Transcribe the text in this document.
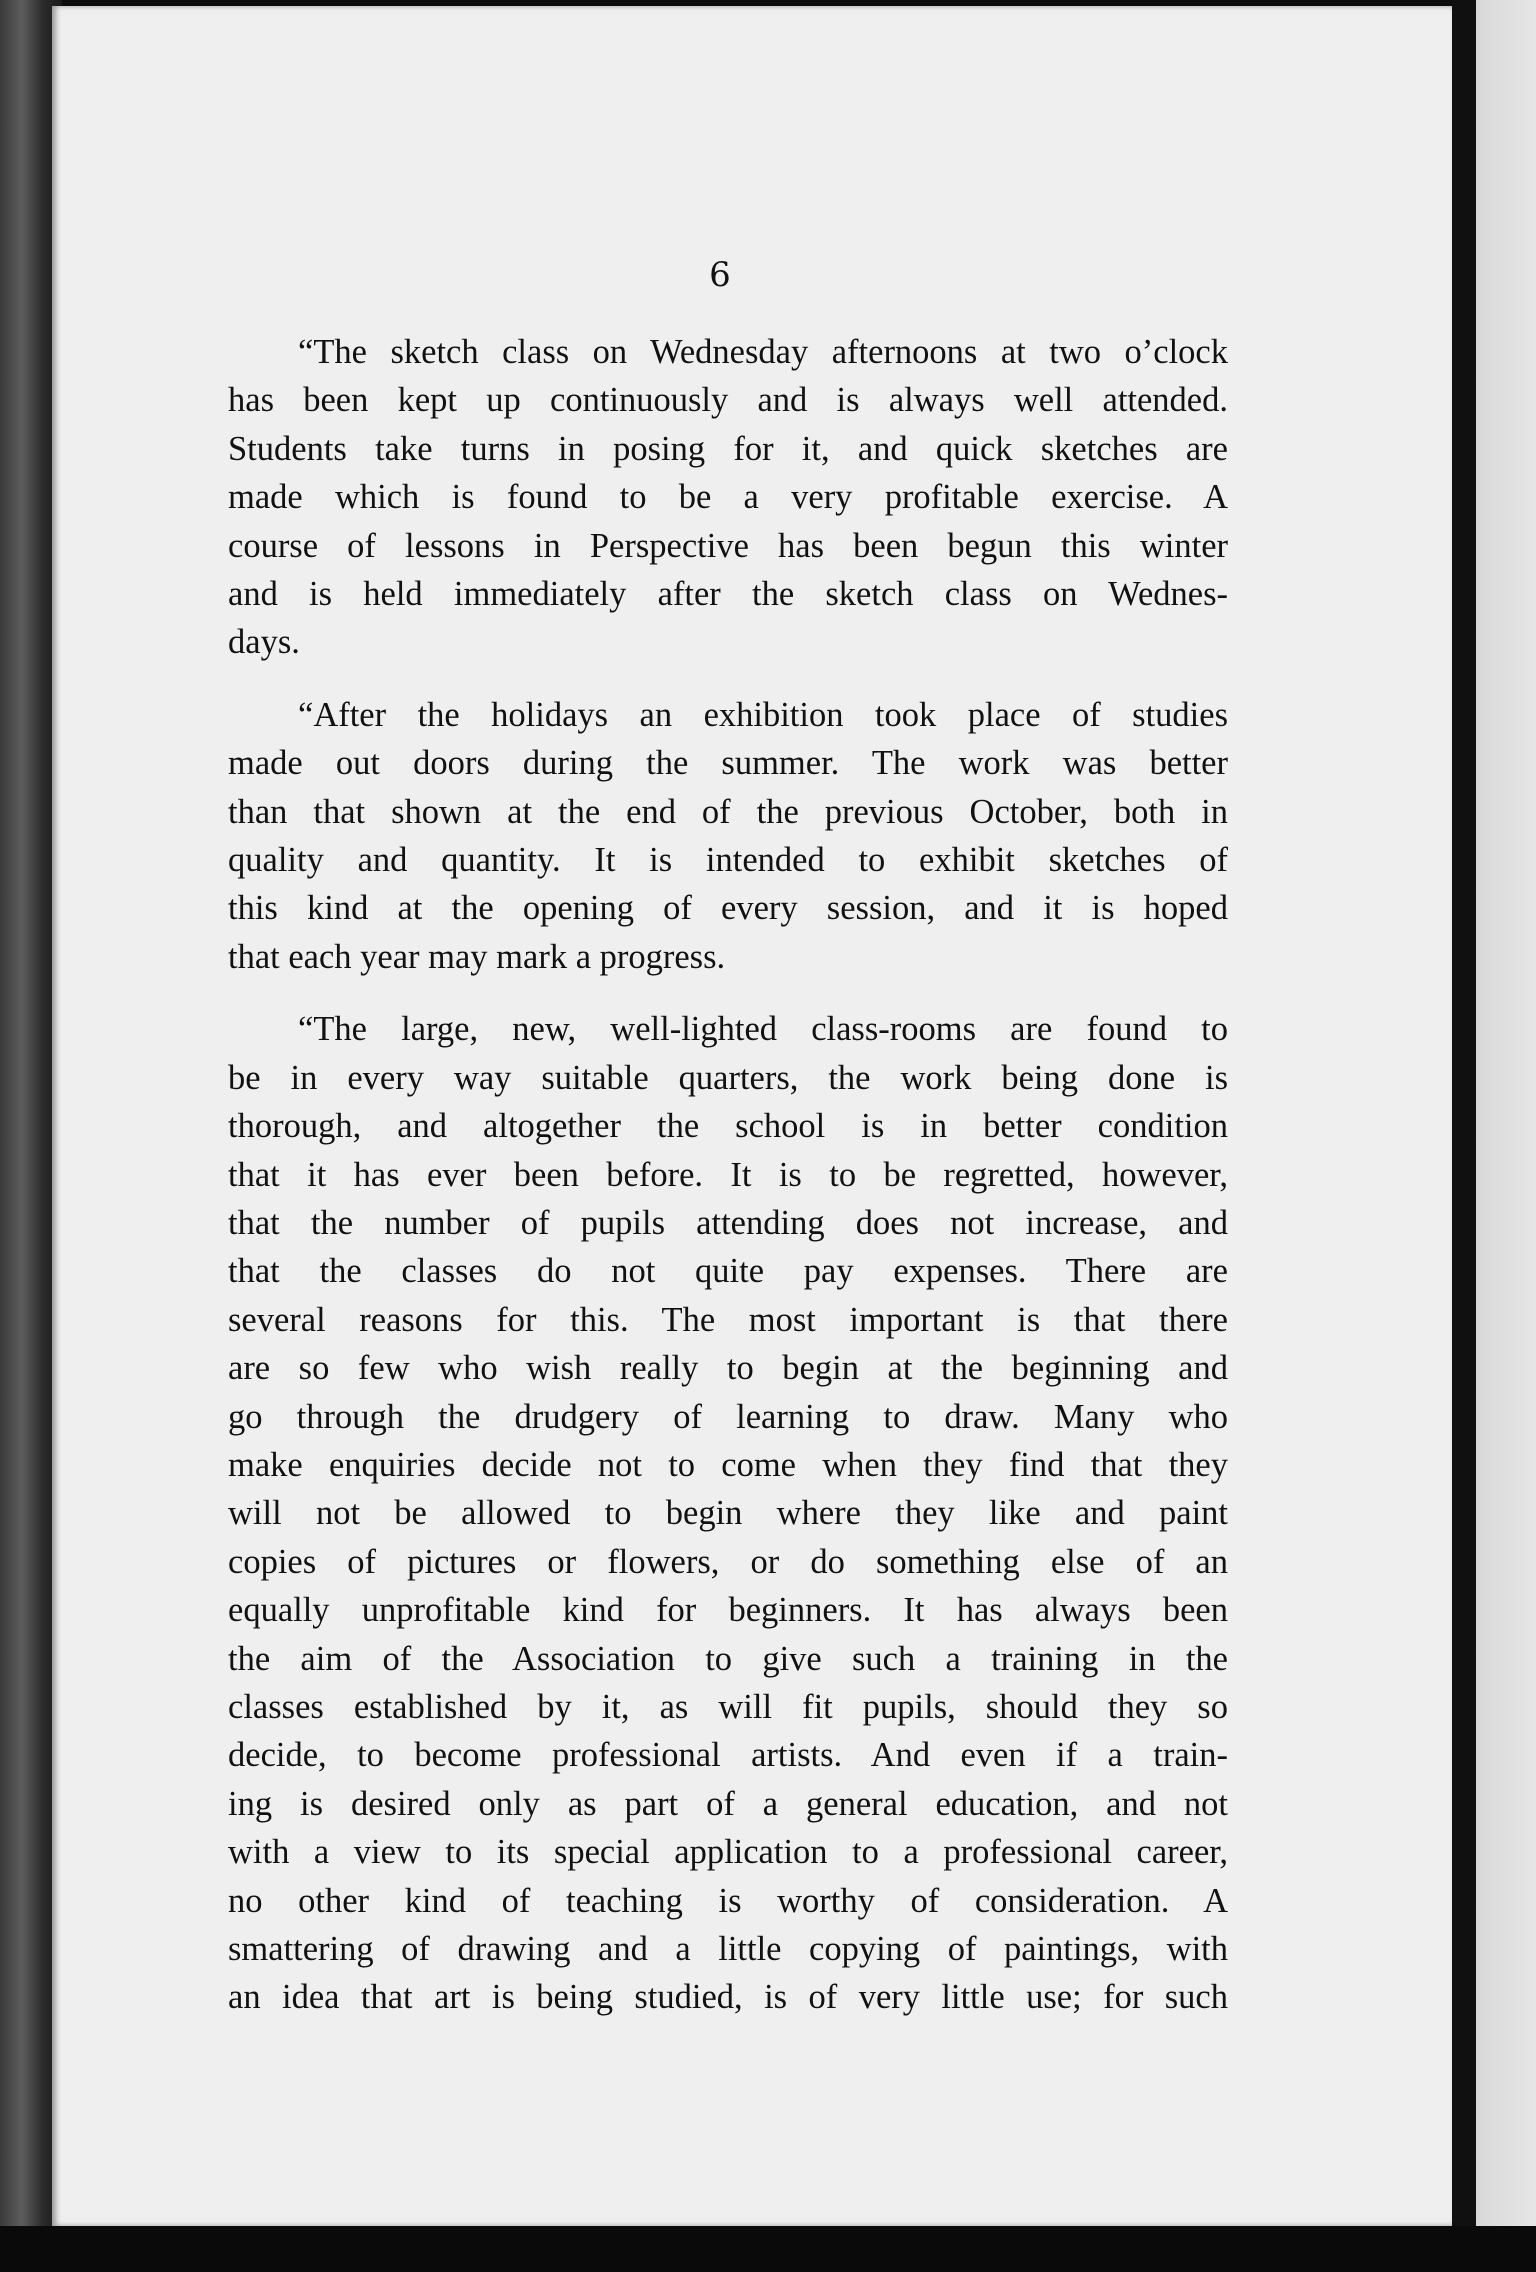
6
“The sketch class on Wednesday afternoons at two o’clock
has been kept up continuously and is always well attended.
Students take turns in posing for it, and quick sketches are
made which is found to be a very profitable exercise. A
course of lessons in Perspective has been begun this winter
and is held immediately after the sketch class on Wednes-
days.
“After the holidays an exhibition took place of studies
made out doors during the summer. The work was better
than that shown at the end of the previous October, both in
quality and quantity. It is intended to exhibit sketches of
this kind at the opening of every session, and it is hoped
that each year may mark a progress.
“The large, new, well-lighted class-rooms are found to
be in every way suitable quarters, the work being done is
thorough, and altogether the school is in better condition
that it has ever been before. It is to be regretted, however,
that the number of pupils attending does not increase, and
that the classes do not quite pay expenses. There are
several reasons for this. The most important is that there
are so few who wish really to begin at the beginning and
go through the drudgery of learning to draw. Many who
make enquiries decide not to come when they find that they
will not be allowed to begin where they like and paint
copies of pictures or flowers, or do something else of an
equally unprofitable kind for beginners. It has always been
the aim of the Association to give such a training in the
classes established by it, as will fit pupils, should they so
decide, to become professional artists. And even if a train-
ing is desired only as part of a general education, and not
with a view to its special application to a professional career,
no other kind of teaching is worthy of consideration. A
smattering of drawing and a little copying of paintings, with
an idea that art is being studied, is of very little use; for such
